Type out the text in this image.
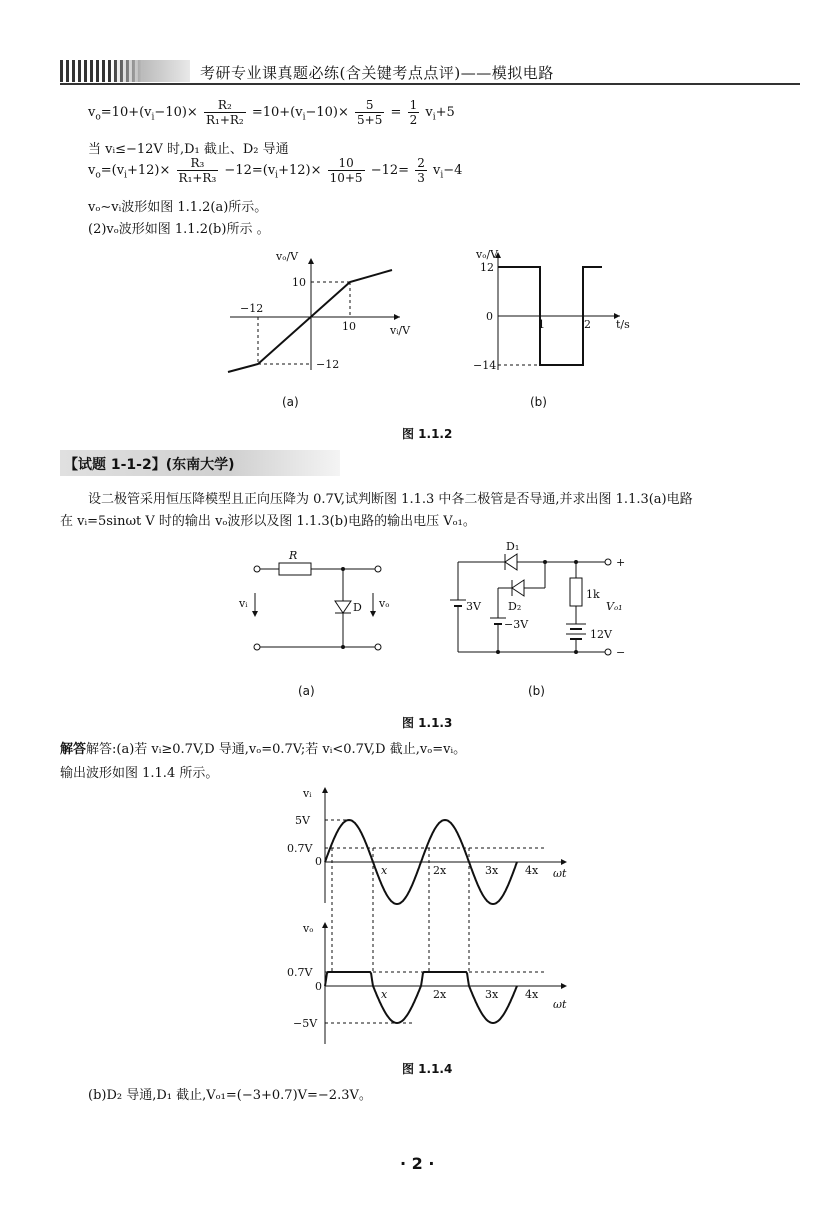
考研专业课真题必练(含关键考点点评)——模拟电路
$v_o=10+(v_i-10)\times \frac{\text{R₂}}{\text{R₁+R₂}} =10+(v_i-10)\times \frac{5}{5+5} = \frac{1}{2} v_i+5$
当 vᵢ≤−12V 时,D₁ 截止、D₂ 导通
$v_o=(v_i+12)\times \frac{\text{R₃}}{\text{R₁+R₃}} -12=(v_i+12)\times \frac{10}{10+5} -12= \frac{2}{3} v_i-4$
vₒ∼vᵢ波形如图 1.1.2(a)所示。
(2)vₒ波形如图 1.1.2(b)所示 。
vₒ/V
10
−12
−12
10	vᵢ/V
(a)
vₒ/V
12
0
−14
1	2 t/s
(b)
图 1.1.2
【试题 1-1-2】(东南大学)
设二极管采用恒压降模型且正向压降为 0.7V,试判断图 1.1.3 中各二极管是否导通,并求出图 1.1.3(a)电路
在 vᵢ=5sinωt V 时的输出 vₒ波形以及图 1.1.3(b)电路的输出电压 Vₒ₁。
R
vᵢ	D vₒ
(a)
D₁
D₂
3V
−3V
1k
12V
Vₒ₁
+
−
(b)
图 1.1.3
解答解答:(a)若 vᵢ≥0.7V,D 导通,vₒ=0.7V;若 vᵢ<0.7V,D 截止,vₒ=vᵢ。
输出波形如图 1.1.4 所示。
vᵢ
5V
0.7V
0
x	2x	3x 4x ωt
vₒ
0.7V
0
−5V
x	2x	3x 4x
ωt
图 1.1.4
(b)D₂ 导通,D₁ 截止,Vₒ₁=(−3+0.7)V=−2.3V。
· 2 ·
